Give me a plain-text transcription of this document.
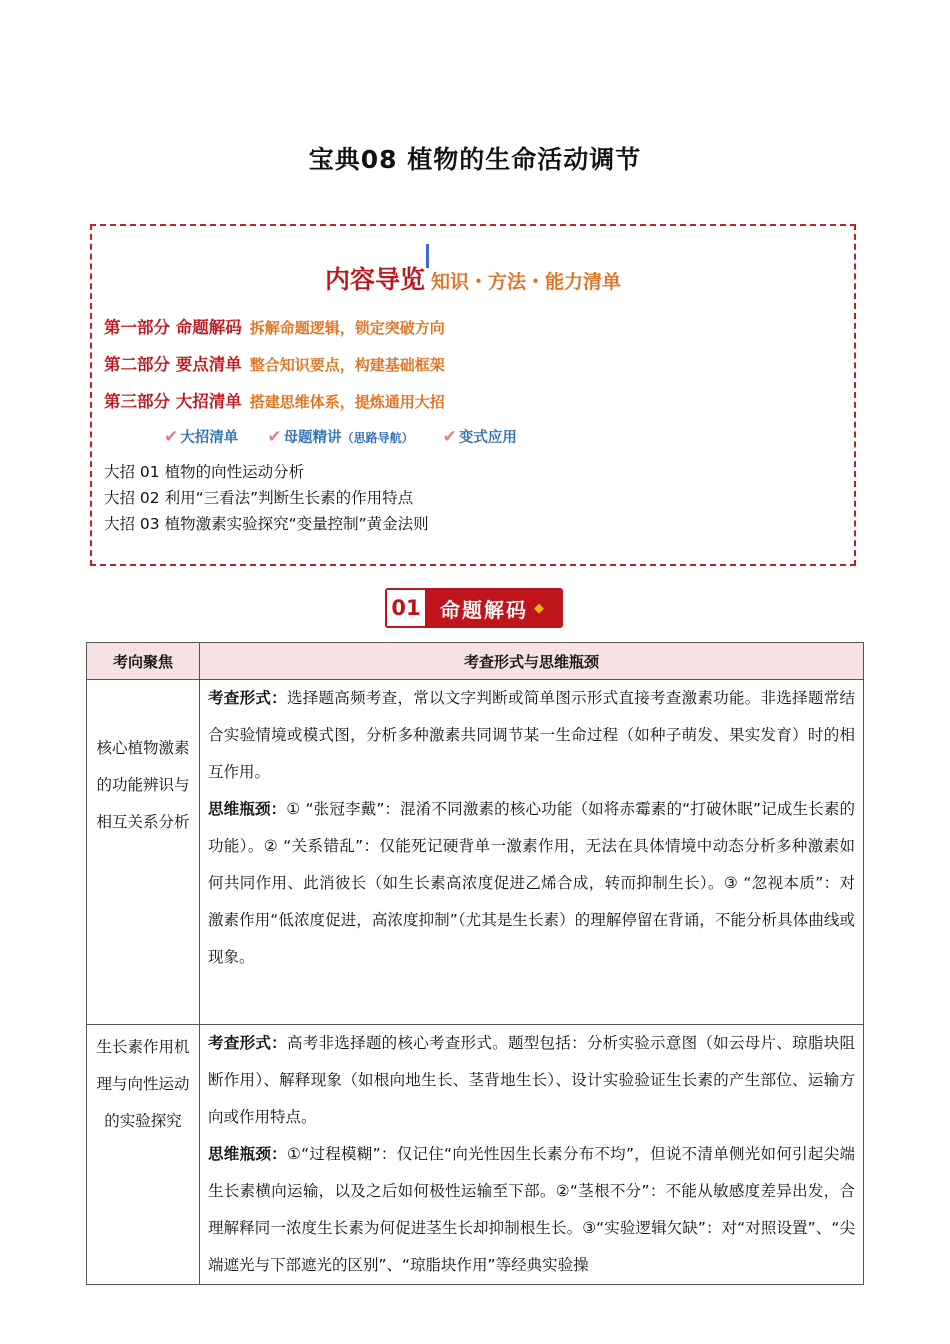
宝典08 植物的生命活动调节
内容导览 知识・方法・能力清单
第一部分 命题解码 拆解命题逻辑，锁定突破方向
第二部分 要点清单 整合知识要点，构建基础框架
第三部分 大招清单 搭建思维体系，提炼通用大招
✔ 大招清单 ✔ 母题精讲（思路导航） ✔ 变式应用
大招 01 植物的向性运动分析
大招 02 利用“三看法”判断生长素的作用特点
大招 03 植物激素实验探究“变量控制”黄金法则
01 命题解码 ◆
考向聚焦	考查形式与思维瓶颈
核心植物激素的功能辨识与相互关系分析	考查形式：选择题高频考查，常以文字判断或简单图示形式直接考查激素功能。非选择题常结合实验情境或模式图，分析多种激素共同调节某一生命过程（如种子萌发、果实发育）时的相互作用。
思维瓶颈：① “张冠李戴”：混淆不同激素的核心功能（如将赤霉素的“打破休眠”记成生长素的功能）。② “关系错乱”：仅能死记硬背单一激素作用，无法在具体情境中动态分析多种激素如何共同作用、此消彼长（如生长素高浓度促进乙烯合成，转而抑制生长）。③ “忽视本质”：对激素作用“低浓度促进，高浓度抑制”（尤其是生长素）的理解停留在背诵，不能分析具体曲线或现象。

生长素作用机理与向性运动的实验探究	考查形式：高考非选择题的核心考查形式。题型包括：分析实验示意图（如云母片、琼脂块阻断作用）、解释现象（如根向地生长、茎背地生长）、设计实验验证生长素的产生部位、运输方向或作用特点。
思维瓶颈：①“过程模糊”：仅记住“向光性因生长素分布不均”，但说不清单侧光如何引起尖端生长素横向运输，以及之后如何极性运输至下部。②“茎根不分”：不能从敏感度差异出发，合理解释同一浓度生长素为何促进茎生长却抑制根生长。③“实验逻辑欠缺”：对“对照设置”、“尖端遮光与下部遮光的区别”、“琼脂块作用”等经典实验操
